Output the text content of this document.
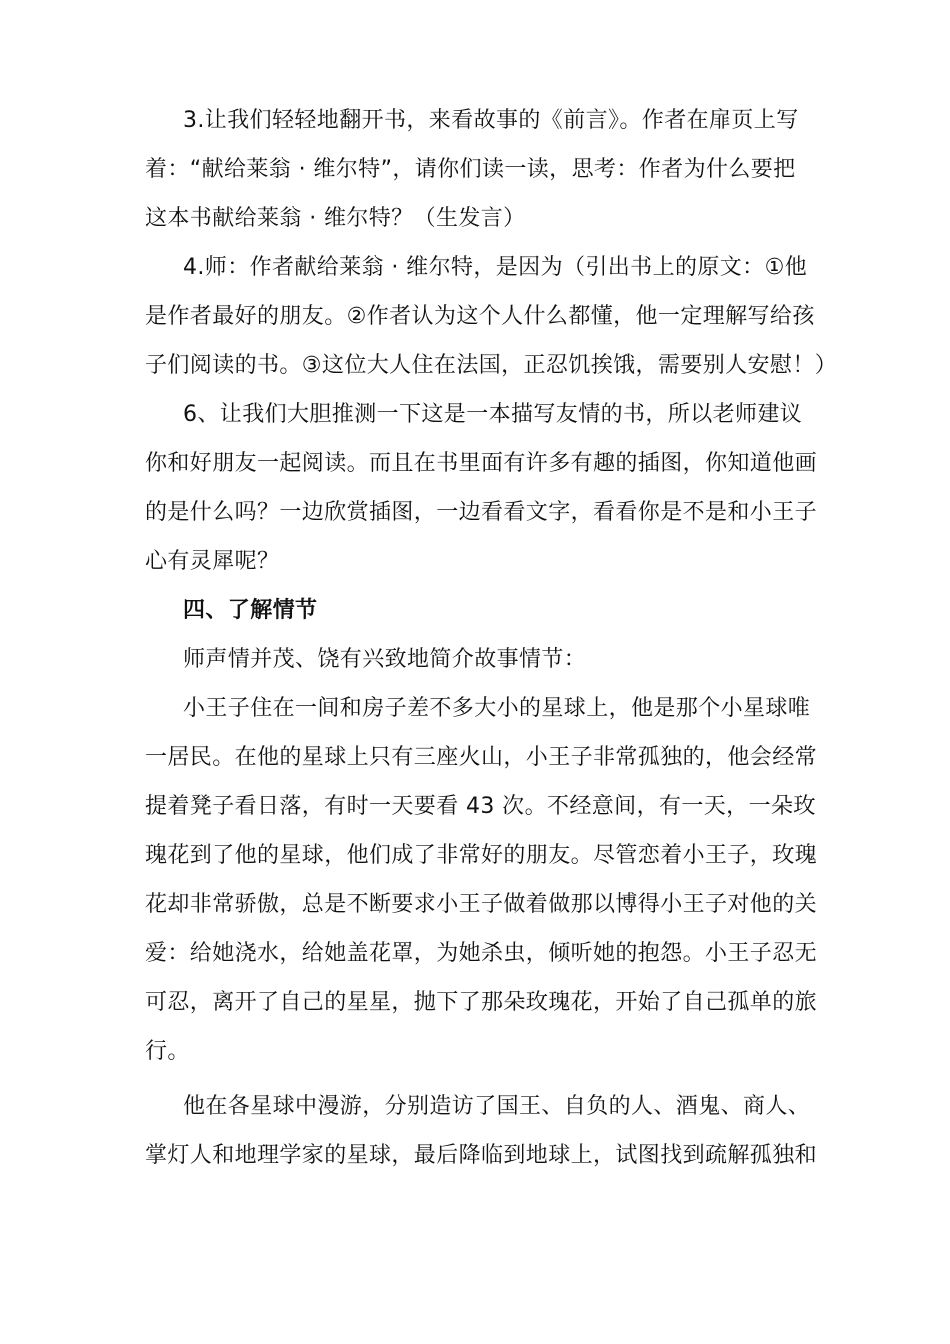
3.让我们轻轻地翻开书，来看故事的《前言》。作者在扉页上写
着：“献给莱翁 · 维尔特”，请你们读一读，思考：作者为什么要把
这本书献给莱翁 · 维尔特？（生发言）
4.师：作者献给莱翁 · 维尔特，是因为（引出书上的原文：①他
是作者最好的朋友。②作者认为这个人什么都懂，他一定理解写给孩
子们阅读的书。③这位大人住在法国，正忍饥挨饿，需要别人安慰！）
6、让我们大胆推测一下这是一本描写友情的书，所以老师建议
你和好朋友一起阅读。而且在书里面有许多有趣的插图，你知道他画
的是什么吗？一边欣赏插图，一边看看文字，看看你是不是和小王子
心有灵犀呢？
四、了解情节
师声情并茂、饶有兴致地简介故事情节：
小王子住在一间和房子差不多大小的星球上，他是那个小星球唯
一居民。在他的星球上只有三座火山，小王子非常孤独的，他会经常
提着凳子看日落，有时一天要看 43 次。不经意间，有一天，一朵玫
瑰花到了他的星球，他们成了非常好的朋友。尽管恋着小王子，玫瑰
花却非常骄傲，总是不断要求小王子做着做那以博得小王子对他的关
爱：给她浇水，给她盖花罩，为她杀虫，倾听她的抱怨。小王子忍无
可忍，离开了自己的星星，抛下了那朵玫瑰花，开始了自己孤单的旅
行。
他在各星球中漫游，分别造访了国王、自负的人、酒鬼、商人、
掌灯人和地理学家的星球，最后降临到地球上，试图找到疏解孤独和
